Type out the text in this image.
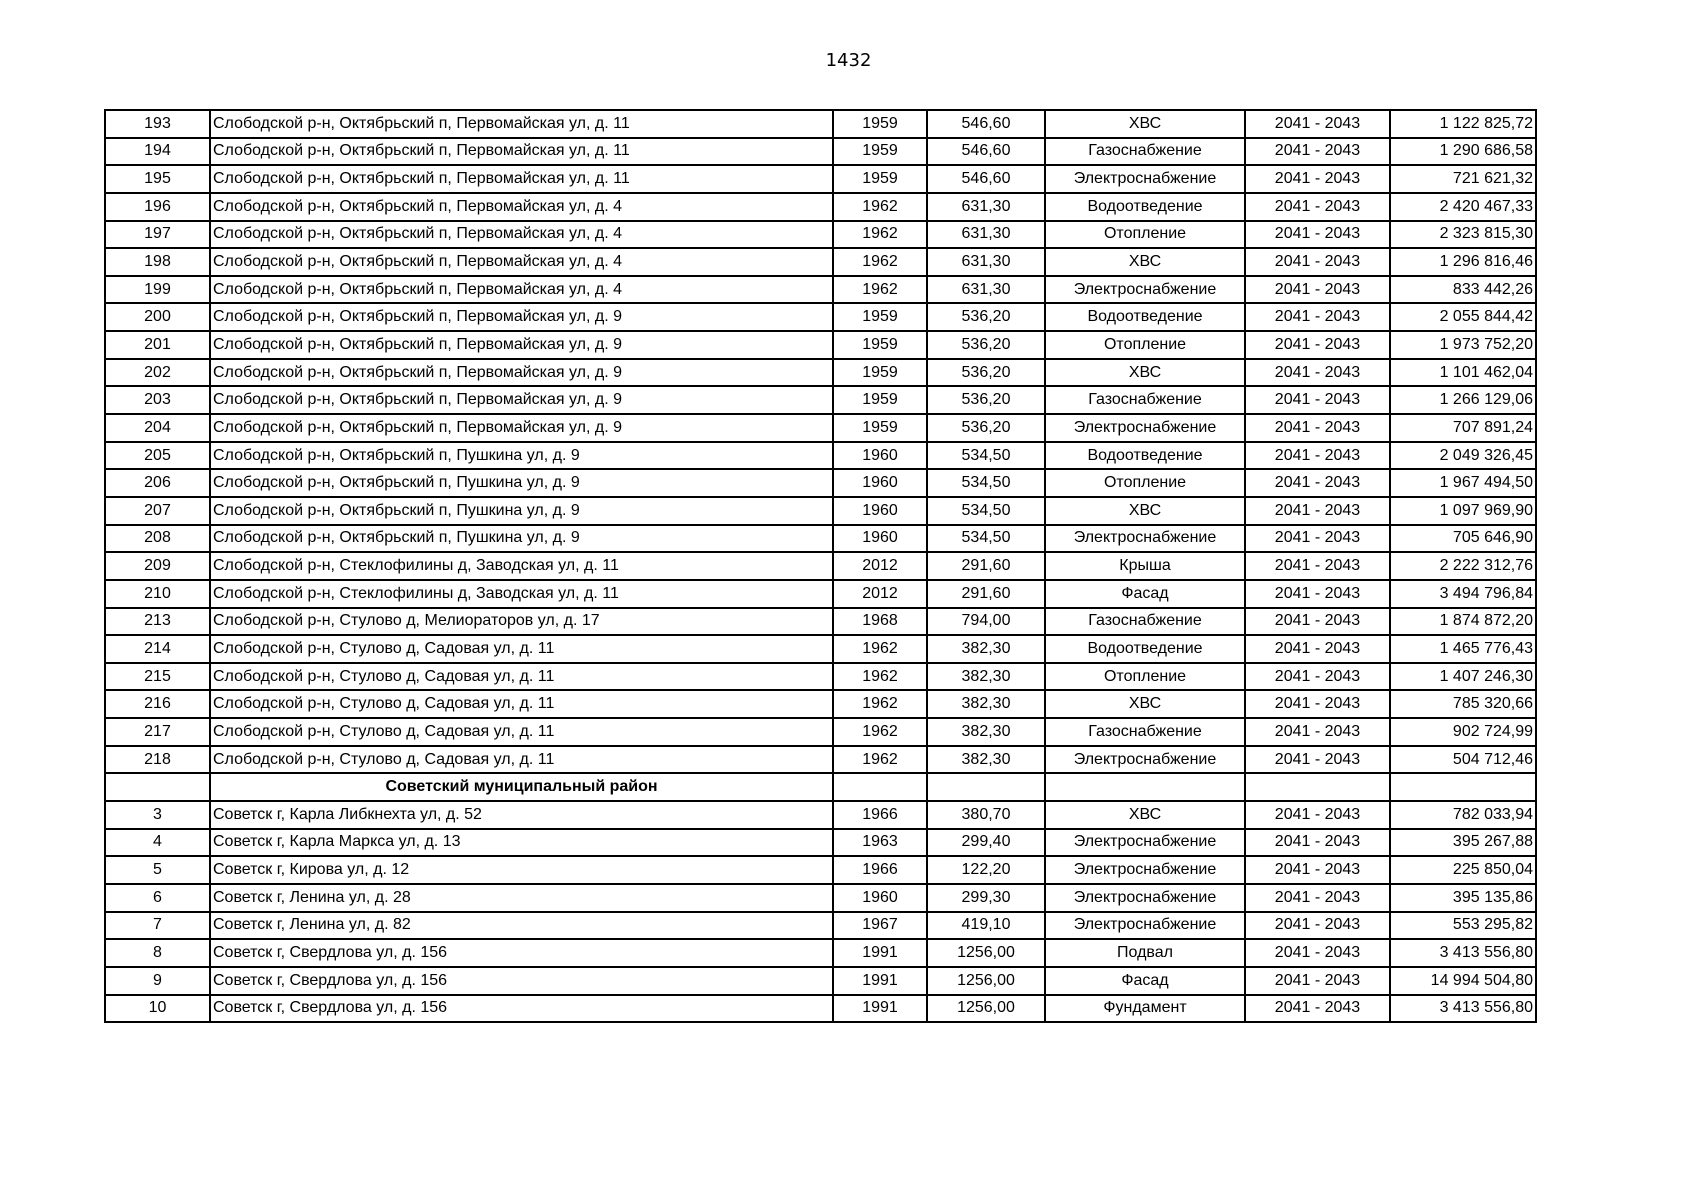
1432
193	Слободской р-н, Октябрьский п, Первомайская ул, д. 11	1959	546,60	ХВС	2041 - 2043	1 122 825,72
194	Слободской р-н, Октябрьский п, Первомайская ул, д. 11	1959	546,60	Газоснабжение	2041 - 2043	1 290 686,58
195	Слободской р-н, Октябрьский п, Первомайская ул, д. 11	1959	546,60	Электроснабжение	2041 - 2043	721 621,32
196	Слободской р-н, Октябрьский п, Первомайская ул, д. 4	1962	631,30	Водоотведение	2041 - 2043	2 420 467,33
197	Слободской р-н, Октябрьский п, Первомайская ул, д. 4	1962	631,30	Отопление	2041 - 2043	2 323 815,30
198	Слободской р-н, Октябрьский п, Первомайская ул, д. 4	1962	631,30	ХВС	2041 - 2043	1 296 816,46
199	Слободской р-н, Октябрьский п, Первомайская ул, д. 4	1962	631,30	Электроснабжение	2041 - 2043	833 442,26
200	Слободской р-н, Октябрьский п, Первомайская ул, д. 9	1959	536,20	Водоотведение	2041 - 2043	2 055 844,42
201	Слободской р-н, Октябрьский п, Первомайская ул, д. 9	1959	536,20	Отопление	2041 - 2043	1 973 752,20
202	Слободской р-н, Октябрьский п, Первомайская ул, д. 9	1959	536,20	ХВС	2041 - 2043	1 101 462,04
203	Слободской р-н, Октябрьский п, Первомайская ул, д. 9	1959	536,20	Газоснабжение	2041 - 2043	1 266 129,06
204	Слободской р-н, Октябрьский п, Первомайская ул, д. 9	1959	536,20	Электроснабжение	2041 - 2043	707 891,24
205	Слободской р-н, Октябрьский п, Пушкина ул, д. 9	1960	534,50	Водоотведение	2041 - 2043	2 049 326,45
206	Слободской р-н, Октябрьский п, Пушкина ул, д. 9	1960	534,50	Отопление	2041 - 2043	1 967 494,50
207	Слободской р-н, Октябрьский п, Пушкина ул, д. 9	1960	534,50	ХВС	2041 - 2043	1 097 969,90
208	Слободской р-н, Октябрьский п, Пушкина ул, д. 9	1960	534,50	Электроснабжение	2041 - 2043	705 646,90
209	Слободской р-н, Стеклофилины д, Заводская ул, д. 11	2012	291,60	Крыша	2041 - 2043	2 222 312,76
210	Слободской р-н, Стеклофилины д, Заводская ул, д. 11	2012	291,60	Фасад	2041 - 2043	3 494 796,84
213	Слободской р-н, Стулово д, Мелиораторов ул, д. 17	1968	794,00	Газоснабжение	2041 - 2043	1 874 872,20
214	Слободской р-н, Стулово д, Садовая ул, д. 11	1962	382,30	Водоотведение	2041 - 2043	1 465 776,43
215	Слободской р-н, Стулово д, Садовая ул, д. 11	1962	382,30	Отопление	2041 - 2043	1 407 246,30
216	Слободской р-н, Стулово д, Садовая ул, д. 11	1962	382,30	ХВС	2041 - 2043	785 320,66
217	Слободской р-н, Стулово д, Садовая ул, д. 11	1962	382,30	Газоснабжение	2041 - 2043	902 724,99
218	Слободской р-н, Стулово д, Садовая ул, д. 11	1962	382,30	Электроснабжение	2041 - 2043	504 712,46
	Советский муниципальный район					
3	Советск г, Карла Либкнехта ул, д. 52	1966	380,70	ХВС	2041 - 2043	782 033,94
4	Советск г, Карла Маркса ул, д. 13	1963	299,40	Электроснабжение	2041 - 2043	395 267,88
5	Советск г, Кирова ул, д. 12	1966	122,20	Электроснабжение	2041 - 2043	225 850,04
6	Советск г, Ленина ул, д. 28	1960	299,30	Электроснабжение	2041 - 2043	395 135,86
7	Советск г, Ленина ул, д. 82	1967	419,10	Электроснабжение	2041 - 2043	553 295,82
8	Советск г, Свердлова ул, д. 156	1991	1256,00	Подвал	2041 - 2043	3 413 556,80
9	Советск г, Свердлова ул, д. 156	1991	1256,00	Фасад	2041 - 2043	14 994 504,80
10	Советск г, Свердлова ул, д. 156	1991	1256,00	Фундамент	2041 - 2043	3 413 556,80
